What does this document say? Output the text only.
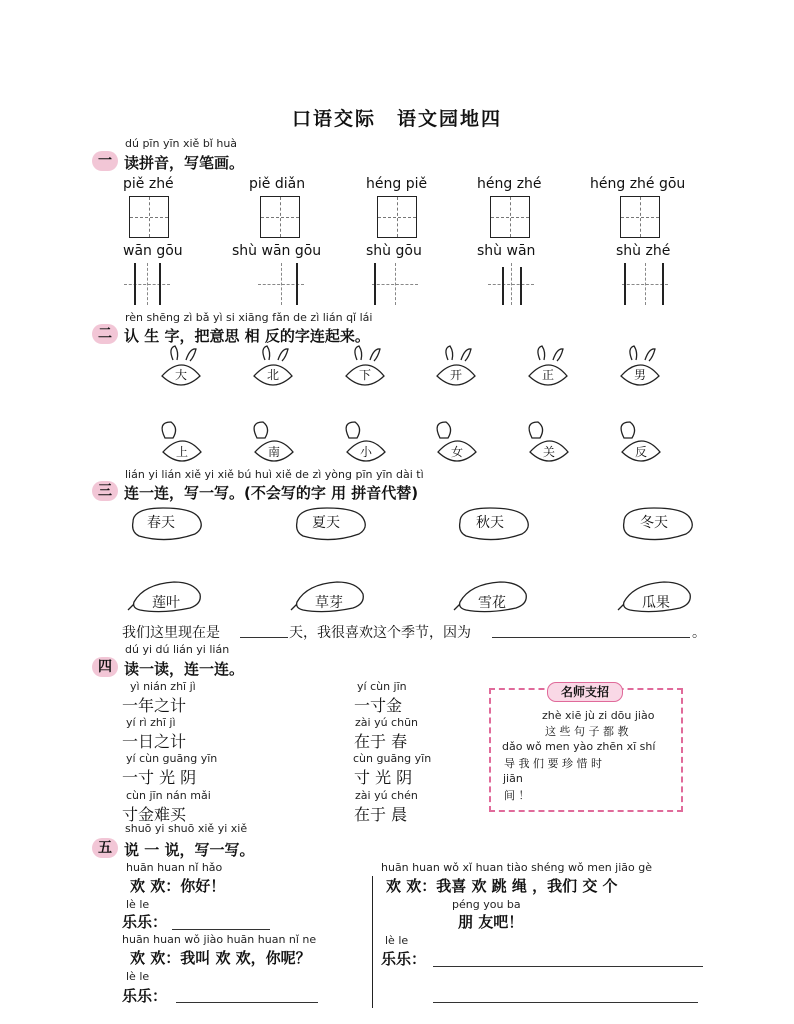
口语交际　语文园地四
dú pīn yīn xiě bǐ huà
一 读拼音，写笔画。
piě zhé	piě diǎn	héng piě	héng zhé	héng zhé gōu
wān gōu	shù wān gōu	shù gōu	shù wān	shù zhé
rèn shēng zì bǎ yì si xiāng fǎn de zì lián qǐ lái
二 认 生 字，把意思 相 反的字连起来。
大	北	下	开	正	男
上	南	小	女	关	反
lián yi lián xiě yi xiě bú huì xiě de zì yòng pīn yīn dài tì
三 连一连，写一写。(不会写的字 用 拼音代替)
春天	夏天	秋天	冬天
莲叶	草芽	雪花	瓜果
我们这里现在是	天，我很喜欢这个季节，因为	。
dú yi dú lián yi lián
四 读一读，连一连。
yì nián zhī jì
一年之计
yí rì zhī jì
一日之计
yí cùn guāng yīn
一寸 光 阴
cùn jīn nán mǎi
寸金难买
yí cùn jīn
一寸金
zài yú chūn
在于 春
cùn guāng yīn
寸 光 阴
zài yú chén
在于 晨
名师支招
zhè xiē jù zi dōu jiào
这 些 句 子 都 教
dǎo wǒ men yào zhēn xī shí
导 我 们 要 珍 惜 时
jiān
间 ！
shuō yi shuō xiě yi xiě
五 说 一 说，写一写。
huān huan nǐ hǎo
欢 欢：你好！
lè le
乐乐：
huān huan wǒ jiào huān huan nǐ ne
欢 欢：我叫 欢 欢，你呢？
lè le
乐乐：
huān huan wǒ xǐ huan tiào shéng wǒ men jiāo gè
欢 欢：我喜 欢 跳 绳 ，我们 交 个
péng you ba
朋 友吧！
lè le
乐乐：
